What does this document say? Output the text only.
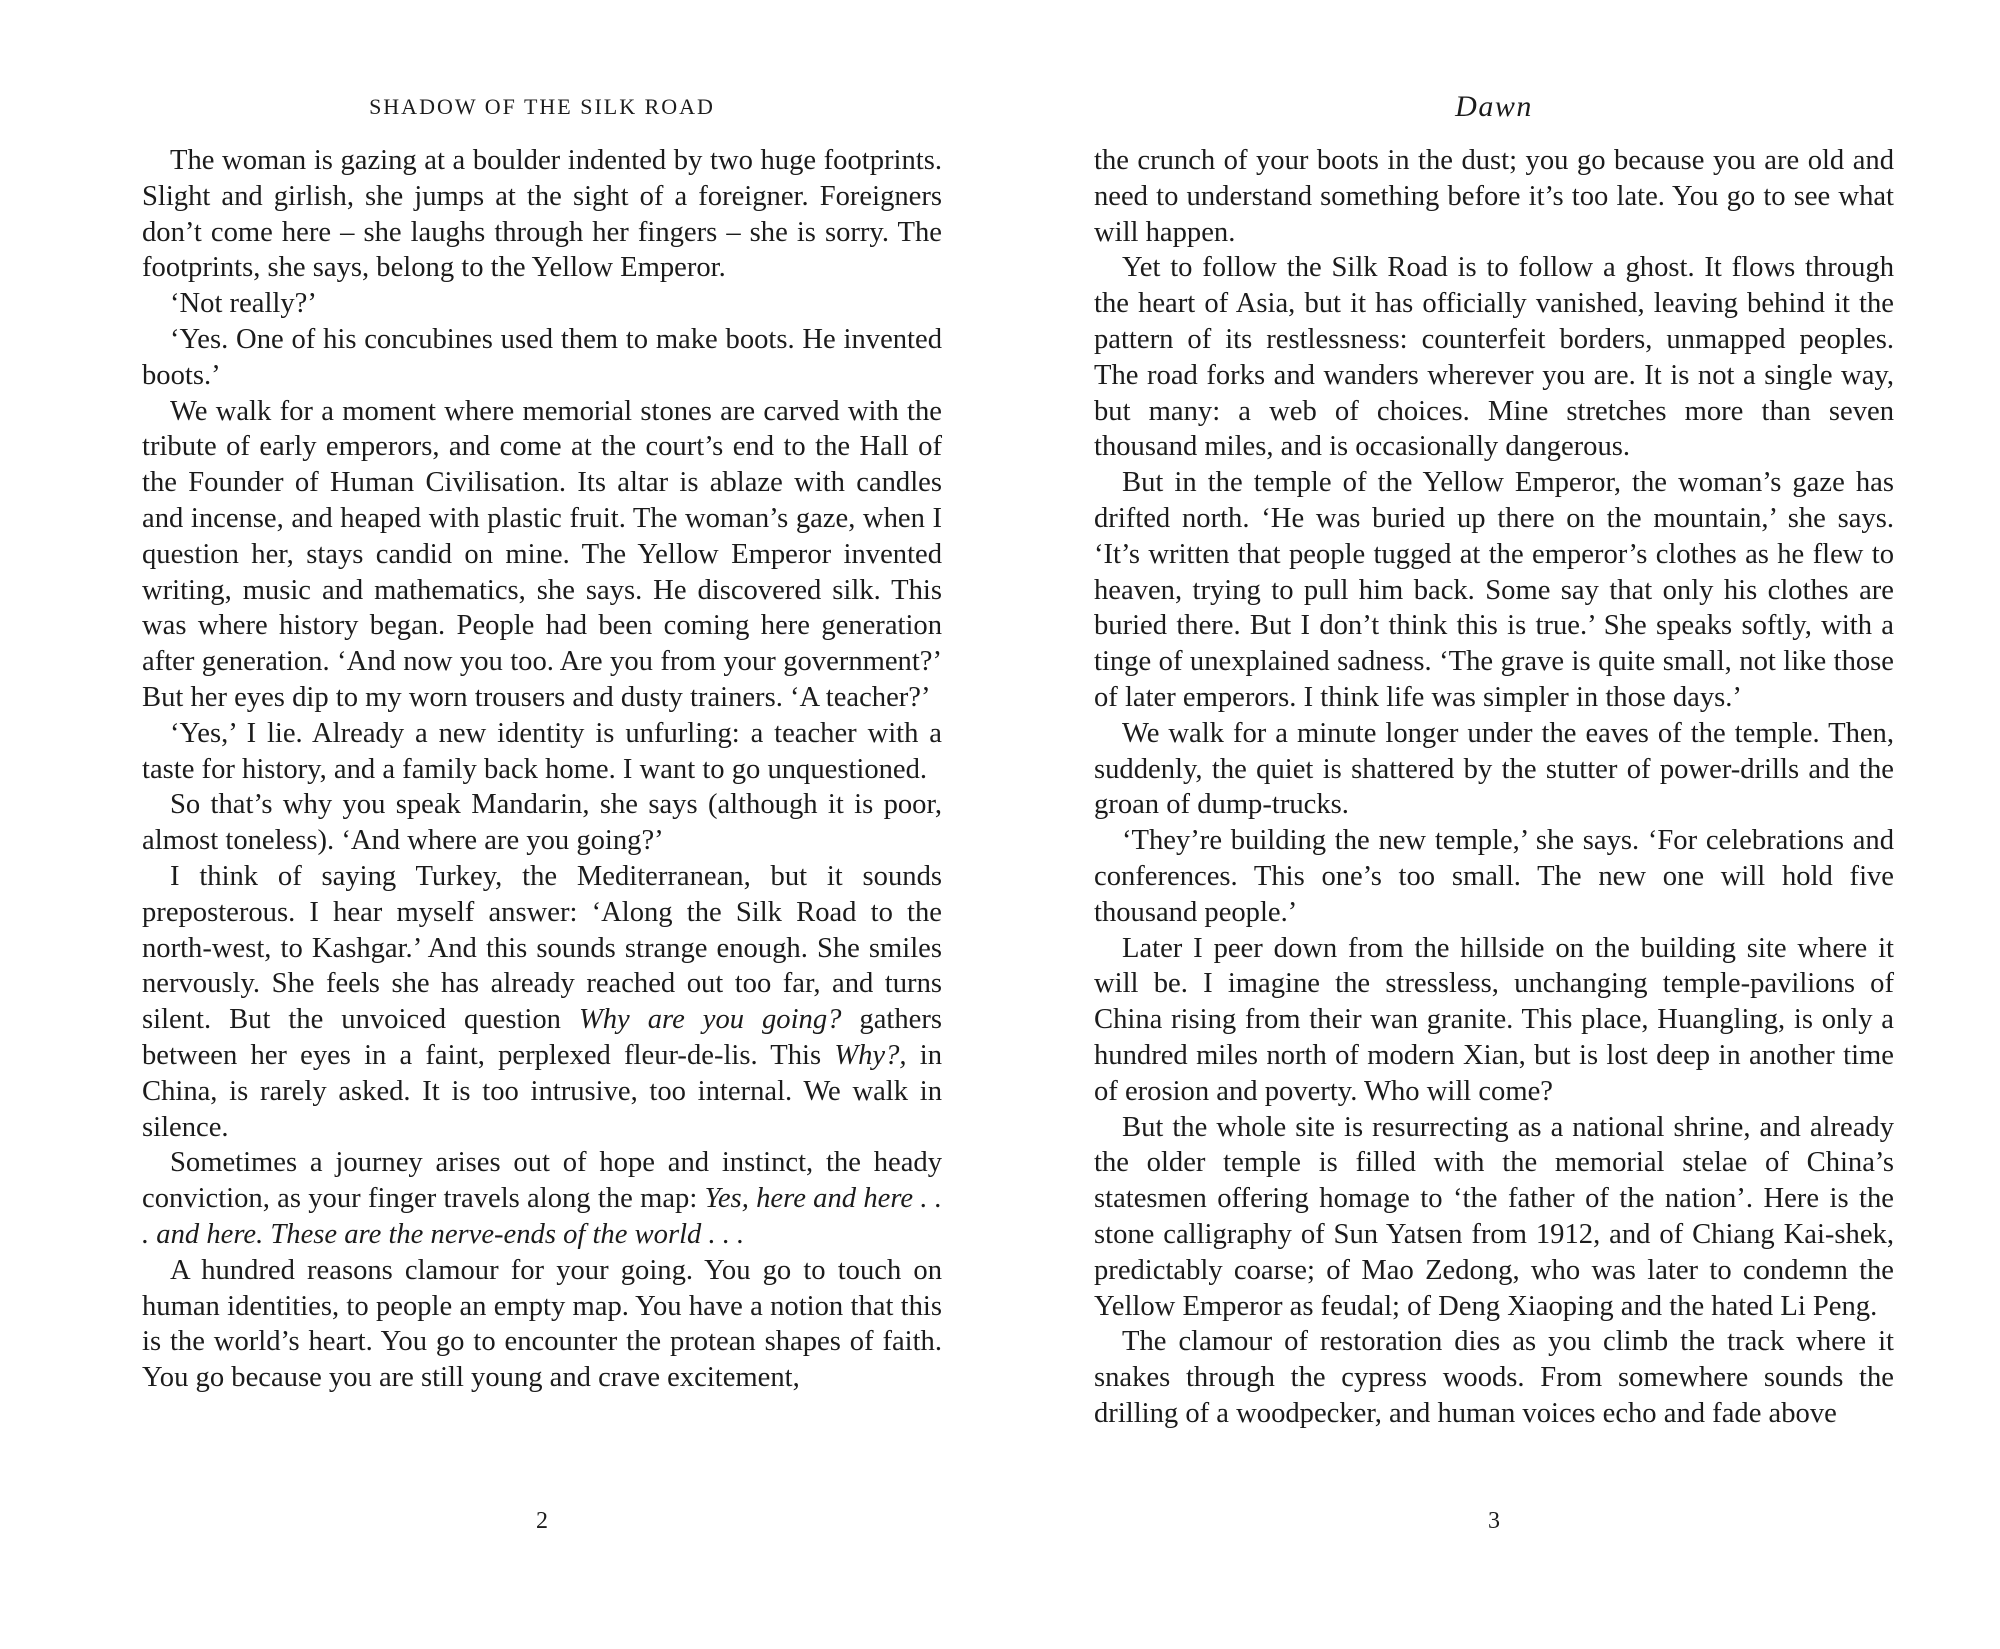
SHADOW OF THE SILK ROAD

The woman is gazing at a boulder indented by two huge footprints. Slight and girlish, she jumps at the sight of a foreigner. Foreigners don’t come here – she laughs through her fingers – she is sorry. The footprints, she says, belong to the Yellow Emperor.

‘Not really?’

‘Yes. One of his concubines used them to make boots. He invented boots.’

We walk for a moment where memorial stones are carved with the tribute of early emperors, and come at the court’s end to the Hall of the Founder of Human Civilisation. Its altar is ablaze with candles and incense, and heaped with plastic fruit. The woman’s gaze, when I question her, stays candid on mine. The Yellow Emperor invented writing, music and mathematics, she says. He discovered silk. This was where history began. People had been coming here generation after generation. ‘And now you too. Are you from your government?’ But her eyes dip to my worn trousers and dusty trainers. ‘A teacher?’

‘Yes,’ I lie. Already a new identity is unfurling: a teacher with a taste for history, and a family back home. I want to go unquestioned.

So that’s why you speak Mandarin, she says (although it is poor, almost toneless). ‘And where are you going?’

I think of saying Turkey, the Mediterranean, but it sounds preposterous. I hear myself answer: ‘Along the Silk Road to the north-west, to Kashgar.’ And this sounds strange enough. She smiles nervously. She feels she has already reached out too far, and turns silent. But the unvoiced question Why are you going? gathers between her eyes in a faint, perplexed fleur-de-lis. This Why?, in China, is rarely asked. It is too intrusive, too internal. We walk in silence.

Sometimes a journey arises out of hope and instinct, the heady conviction, as your finger travels along the map: Yes, here and here . . . and here. These are the nerve-ends of the world . . .

A hundred reasons clamour for your going. You go to touch on human identities, to people an empty map. You have a notion that this is the world’s heart. You go to encounter the protean shapes of faith. You go because you are still young and crave excitement,

2

Dawn

the crunch of your boots in the dust; you go because you are old and need to understand something before it’s too late. You go to see what will happen.

Yet to follow the Silk Road is to follow a ghost. It flows through the heart of Asia, but it has officially vanished, leaving behind it the pattern of its restlessness: counterfeit borders, unmapped peoples. The road forks and wanders wherever you are. It is not a single way, but many: a web of choices. Mine stretches more than seven thousand miles, and is occasionally dangerous.

But in the temple of the Yellow Emperor, the woman’s gaze has drifted north. ‘He was buried up there on the mountain,’ she says. ‘It’s written that people tugged at the emperor’s clothes as he flew to heaven, trying to pull him back. Some say that only his clothes are buried there. But I don’t think this is true.’ She speaks softly, with a tinge of unexplained sadness. ‘The grave is quite small, not like those of later emperors. I think life was simpler in those days.’

We walk for a minute longer under the eaves of the temple. Then, suddenly, the quiet is shattered by the stutter of power-drills and the groan of dump-trucks.

‘They’re building the new temple,’ she says. ‘For celebrations and conferences. This one’s too small. The new one will hold five thousand people.’

Later I peer down from the hillside on the building site where it will be. I imagine the stressless, unchanging temple-pavilions of China rising from their wan granite. This place, Huangling, is only a hundred miles north of modern Xian, but is lost deep in another time of erosion and poverty. Who will come?

But the whole site is resurrecting as a national shrine, and already the older temple is filled with the memorial stelae of China’s statesmen offering homage to ‘the father of the nation’. Here is the stone calligraphy of Sun Yatsen from 1912, and of Chiang Kai-shek, predictably coarse; of Mao Zedong, who was later to condemn the Yellow Emperor as feudal; of Deng Xiaoping and the hated Li Peng.

The clamour of restoration dies as you climb the track where it snakes through the cypress woods. From somewhere sounds the drilling of a woodpecker, and human voices echo and fade above

3
